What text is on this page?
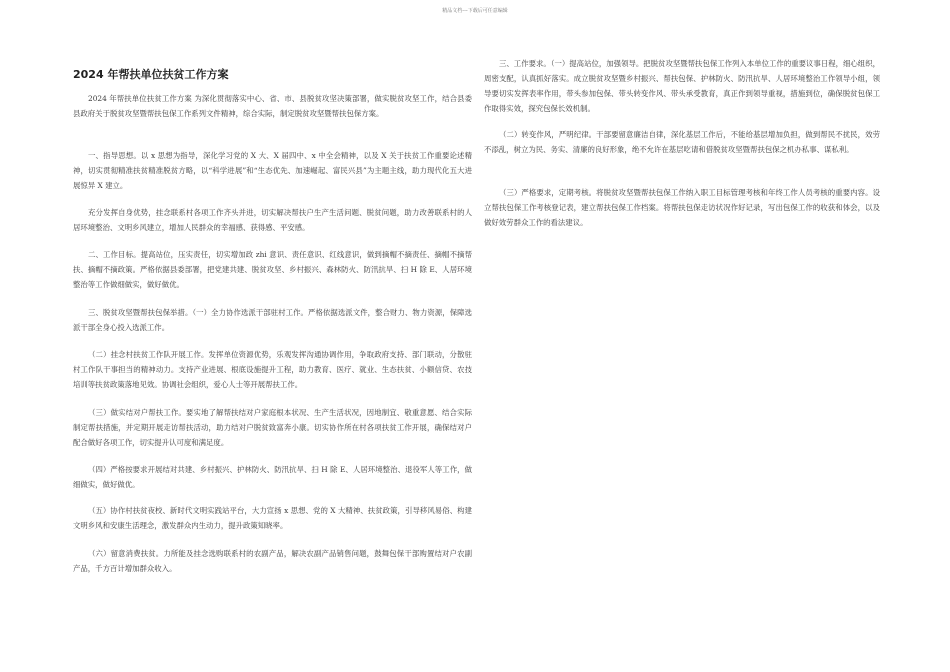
精品文档---下载后可任意编辑
2024 年帮扶单位扶贫工作方案

2024 年帮扶单位扶贫工作方案 为深化贯彻落实中心、省、市、县脱贫攻坚决策部署，做实脱贫攻坚工作，结合县委县政府关于脱贫攻坚暨帮扶包保工作系列文件精神，综合实际，制定脱贫攻坚暨帮扶包保方案。

一、指导思想。以 x 思想为指导，深化学习党的 X 大、X 届四中、x 中全会精神，以及 X 关于扶贫工作重要论述精神，切实贯彻精准扶贫精准脱贫方略，以“科学进展”和“生态优先、加速崛起、富民兴县”为主题主线，助力现代化五大进展惊异 X 建立。

充分发挥自身优势，挂念联系村各项工作齐头并进，切实解决帮扶户生产生活问题、脱贫问题，助力改善联系村的人居环境整治、文明乡风建立，增加人民群众的幸福感、获得感、平安感。

二、工作目标。提高站位，压实责任，切实增加政 zhi 意识、责任意识、红线意识，做到摘帽不摘责任、摘帽不摘帮扶、摘帽不摘政策。严格依据县委部署，把党建共建、脱贫攻坚、乡村振兴、森林防火、防汛抗旱、扫 H 除 E、人居环境整治等工作做细做实，做好做优。

三、脱贫攻坚暨帮扶包保举措。（一）全力协作选派干部驻村工作。严格依据选派文件，整合财力、物力资源，保障选派干部全身心投入选派工作。

（二）挂念村扶贫工作队开展工作。发挥单位资源优势，乐观发挥沟通协调作用，争取政府支持、部门联动，分散驻村工作队干事担当的精神动力。支持产业进展、根底设施提升工程，助力教育、医疗、就业、生态扶贫、小额信贷、农技培训等扶贫政策落地见效。协调社会组织，爱心人士等开展帮扶工作。

（三）做实结对户帮扶工作。要实地了解帮扶结对户家庭根本状况、生产生活状况，因地制宜、敬重意愿、结合实际制定帮扶措施，并定期开展走访帮扶活动，助力结对户脱贫致富奔小康。切实协作所在村各项扶贫工作开展，确保结对户配合做好各项工作，切实提升认可度和满足度。

（四）严格按要求开展结对共建、乡村振兴、护林防火、防汛抗旱、扫 H 除 E、人居环境整治、退役军人等工作，做细做实，做好做优。

（五）协作村扶贫夜校、新时代文明实践站平台，大力宣扬 x 思想、党的 X 大精神、扶贫政策，引导移风易俗、构建文明乡风和安康生活理念，激发群众内生动力，提升政策知晓率。

（六）留意消费扶贫。力所能及挂念选购联系村的农副产品，解决农副产品销售问题，鼓舞包保干部购置结对户农副产品，千方百计增加群众收入。

三、工作要求。（一）提高站位，加强领导。把脱贫攻坚暨帮扶包保工作列入本单位工作的重要议事日程，细心组织，周密支配，认真抓好落实。成立脱贫攻坚暨乡村振兴、帮扶包保、护林防火、防汛抗旱、人居环境整治工作领导小组，领导要切实发挥表率作用，带头参加包保、带头转变作风、带头承受教育，真正作到领导重视，措施到位，确保脱贫包保工作取得实效，探究包保长效机制。

（二）转变作风，严明纪律。干部要留意廉洁自律，深化基层工作后，不能给基层增加负担，做到帮民不扰民，效劳不添乱，树立为民、务实、清廉的良好形象，绝不允许在基层吃请和借脱贫攻坚暨帮扶包保之机办私事、谋私利。

（三）严格要求，定期考核。将脱贫攻坚暨帮扶包保工作纳入职工目标管理考核和年终工作人员考核的重要内容。设立帮扶包保工作考核登记表，建立帮扶包保工作档案。将帮扶包保走访状况作好记录，写出包保工作的收获和体会，以及做好效劳群众工作的看法建议。
